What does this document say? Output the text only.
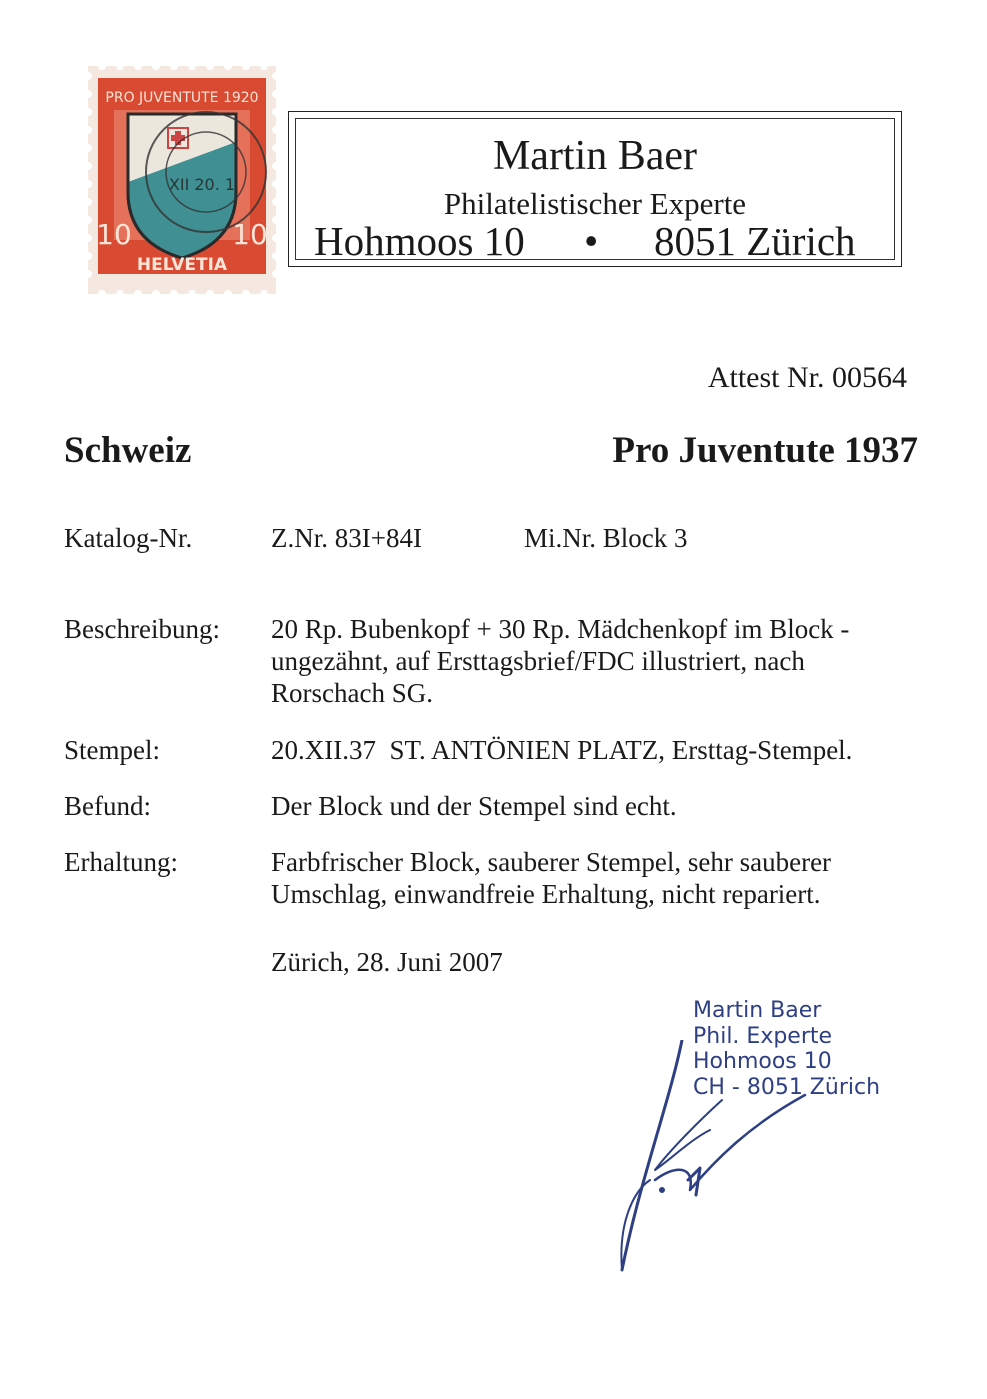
PRO JUVENTUTE 1920
10	10
HELVETIA
XII 20. 1
Martin Baer
Philatelistischer Experte
Hohmoos 10 • 8051 Zürich
Attest Nr. 00564
Schweiz	Pro Juventute 1937
Katalog-Nr.	Z.Nr. 83I+84I	Mi.Nr. Block 3
Beschreibung: 20 Rp. Bubenkopf + 30 Rp. Mädchenkopf im Block -
ungezähnt, auf Ersttagsbrief/FDC illustriert, nach
Rorschach SG.
Stempel:	20.XII.37  ST. ANTÖNIEN PLATZ, Ersttag-Stempel.
Befund:	Der Block und der Stempel sind echt.
Erhaltung:	Farbfrischer Block, sauberer Stempel, sehr sauberer
Umschlag, einwandfreie Erhaltung, nicht repariert.
Zürich, 28. Juni 2007
Martin Baer
Phil. Experte
Hohmoos 10
CH - 8051 Zürich
